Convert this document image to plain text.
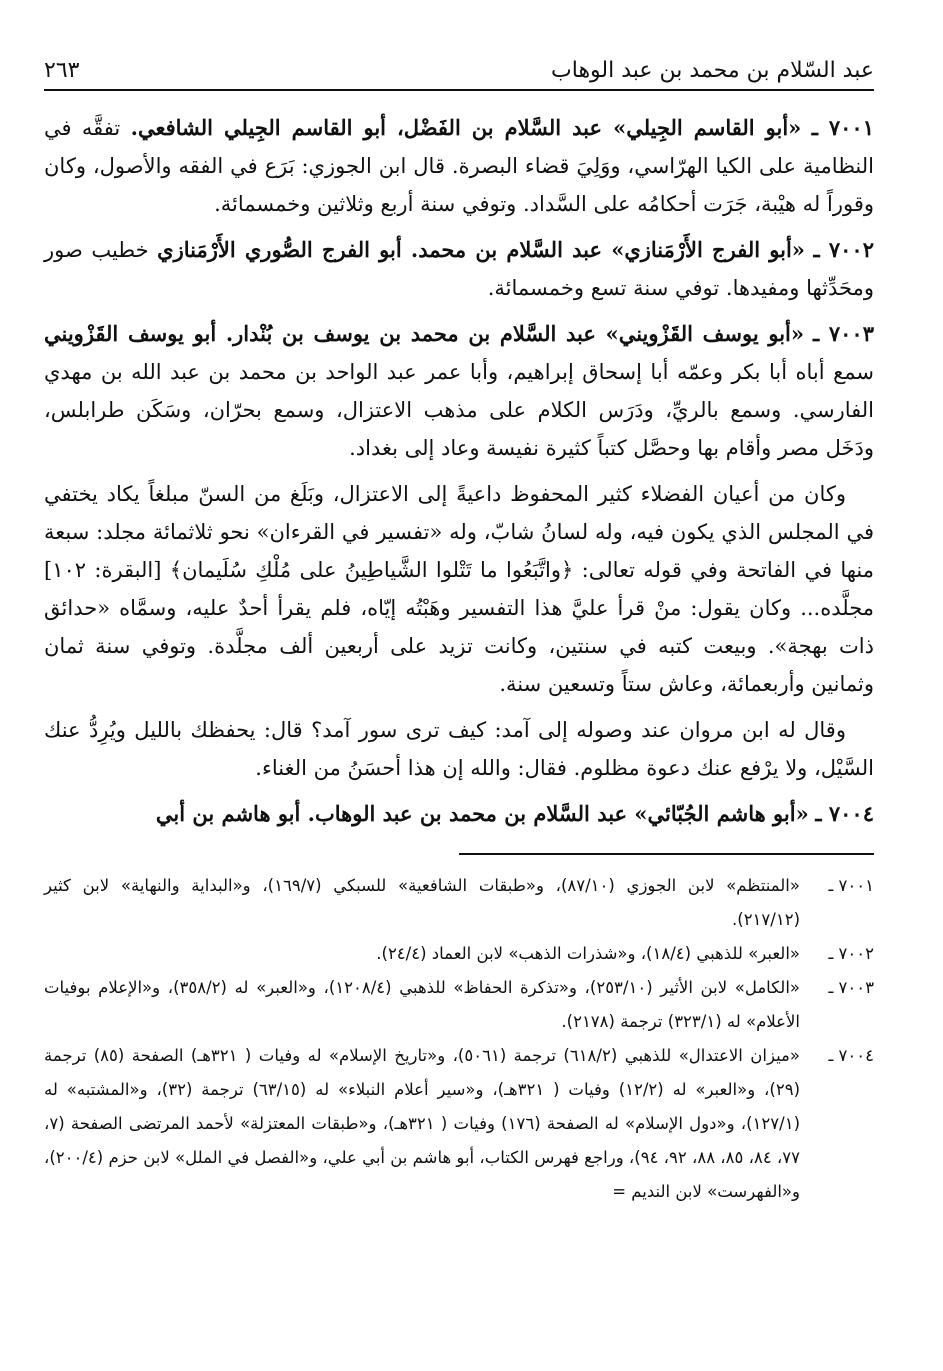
عبد السّلام بن محمد بن عبد الوهاب
٢٦٣

٧٠٠١ ـ «أبو القاسم الجِيلي» عبد السَّلام بن الفَضْل، أبو القاسم الجِيلي الشافعي. تفقَّه في النظامية على الكيا الهرّاسي، ووَلِيَ قضاء البصرة. قال ابن الجوزي: بَرَع في الفقه والأصول، وكان وقوراً له هيْبة، جَرَت أحكامُه على السَّداد. وتوفي سنة أربع وثلاثين وخمسمائة.

٧٠٠٢ ـ «أبو الفرج الأَرْمَنازي» عبد السَّلام بن محمد. أبو الفرج الصُّوري الأَرْمَنازي خطيب صور ومحَدِّثها ومفيدها. توفي سنة تسع وخمسمائة.

٧٠٠٣ ـ «أبو يوسف القَزْويني» عبد السَّلام بن محمد بن يوسف بن بُنْدار. أبو يوسف القَزْويني سمع أباه أبا بكر وعمّه أبا إسحاق إبراهيم، وأبا عمر عبد الواحد بن محمد بن عبد الله بن مهدي الفارسي. وسمع بالريِّ، ودَرَس الكلام على مذهب الاعتزال، وسمع بحرّان، وسَكَن طرابلس، ودَخَل مصر وأقام بها وحصَّل كتباً كثيرة نفيسة وعاد إلى بغداد.

وكان من أعيان الفضلاء كثير المحفوظ داعيةً إلى الاعتزال، وبَلَغ من السنّ مبلغاً يكاد يختفي في المجلس الذي يكون فيه، وله لسانُ شابّ، وله «تفسير في القرءان» نحو ثلاثمائة مجلد: سبعة منها في الفاتحة وفي قوله تعالى: ﴿واتَّبَعُوا ما تَتْلوا الشَّياطِينُ على مُلْكِ سُلَيمان﴾ [البقرة: ١٠٢] مجلَّده... وكان يقول: منْ قرأ عليَّ هذا التفسير وهَبْتُه إيّاه، فلم يقرأ أحدٌ عليه، وسمَّاه «حدائق ذات بهجة». وبيعت كتبه في سنتين، وكانت تزيد على أربعين ألف مجلَّدة. وتوفي سنة ثمان وثمانين وأربعمائة، وعاش ستاً وتسعين سنة.

وقال له ابن مروان عند وصوله إلى آمد: كيف ترى سور آمد؟ قال: يحفظك بالليل ويُرِدُّ عنك السَّيْل، ولا يرْفع عنك دعوة مظلوم. فقال: والله إن هذا أحسَنُ من الغناء.

٧٠٠٤ ـ «أبو هاشم الجُبّائي» عبد السَّلام بن محمد بن عبد الوهاب. أبو هاشم بن أبي

٧٠٠١ ـ
«المنتظم» لابن الجوزي (٨٧/١٠)، و«طبقات الشافعية» للسبكي (١٦٩/٧)، و«البداية والنهاية» لابن كثير (٢١٧/١٢).
٧٠٠٢ ـ
«العبر» للذهبي (١٨/٤)، و«شذرات الذهب» لابن العماد (٢٤/٤).
٧٠٠٣ ـ
«الكامل» لابن الأثير (٢٥٣/١٠)، و«تذكرة الحفاظ» للذهبي (١٢٠٨/٤)، و«العبر» له (٣٥٨/٢)، و«الإعلام بوفيات الأعلام» له (٣٢٣/١) ترجمة (٢١٧٨).
٧٠٠٤ ـ
«ميزان الاعتدال» للذهبي (٦١٨/٢) ترجمة (٥٠٦١)، و«تاريخ الإسلام» له وفيات ( ٣٢١هـ) الصفحة (٨٥) ترجمة (٢٩)، و«العبر» له (١٢/٢) وفيات ( ٣٢١هـ)، و«سير أعلام النبلاء» له (٦٣/١٥) ترجمة (٣٢)، و«المشتبه» له (١٢٧/١)، و«دول الإسلام» له الصفحة (١٧٦) وفيات ( ٣٢١هـ)، و«طبقات المعتزلة» لأحمد المرتضى الصفحة (٧، ٧٧، ٨٤، ٨٥، ٨٨، ٩٢، ٩٤)، وراجع فهرس الكتاب، أبو هاشم بن أبي علي، و«الفصل في الملل» لابن حزم (٢٠٠/٤)، و«الفهرست» لابن النديم =
